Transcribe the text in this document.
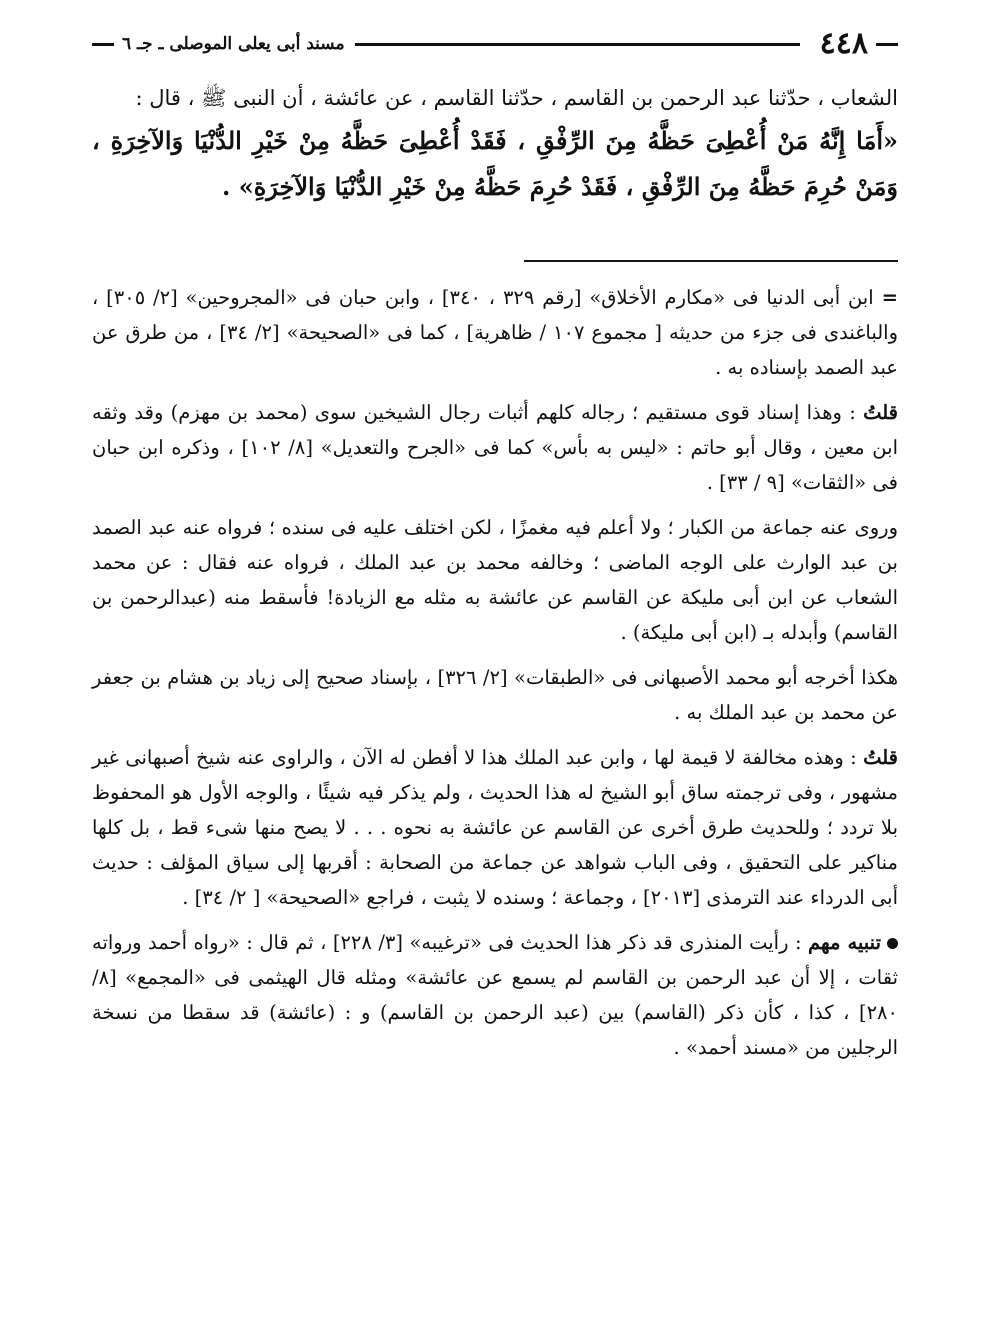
٤٤٨
مسند أبى يعلى الموصلى ـ جـ ٦

الشعاب ، حدّثنا عبد الرحمن بن القاسم ، حدّثنا القاسم ، عن عائشة ، أن النبى ﷺ ، قال :

«أَمَا إِنَّهُ مَنْ أُعْطِىَ حَظَّهُ مِنَ الرِّفْقِ ، فَقَدْ أُعْطِىَ حَظَّهُ مِنْ خَيْرِ الدُّنْيَا وَالآخِرَةِ ، وَمَنْ حُرِمَ حَظَّهُ مِنَ الرِّفْقِ ، فَقَدْ حُرِمَ حَظَّهُ مِنْ خَيْرِ الدُّنْيَا وَالآخِرَةِ» .

=ابن أبى الدنيا فى «مكارم الأخلاق» [رقم ٣٢٩ ، ٣٤٠] ، وابن حبان فى «المجروحين» [٢/ ٣٠٥] ، والباغندى فى جزء من حديثه [ مجموع ١٠٧ / ظاهرية] ، كما فى «الصحيحة» [٢/ ٣٤] ، من طرق عن عبد الصمد بإسناده به .

قلتُ : وهذا إسناد قوى مستقيم ؛ رجاله كلهم أثبات رجال الشيخين سوى (محمد بن مهزم) وقد وثقه ابن معين ، وقال أبو حاتم : «ليس به بأس» كما فى «الجرح والتعديل» [٨/ ١٠٢] ، وذكره ابن حبان فى «الثقات» [٩ / ٣٣] .

وروى عنه جماعة من الكبار ؛ ولا أعلم فيه مغمزًا ، لكن اختلف عليه فى سنده ؛ فرواه عنه عبد الصمد بن عبد الوارث على الوجه الماضى ؛ وخالفه محمد بن عبد الملك ، فرواه عنه فقال : عن محمد الشعاب عن ابن أبى مليكة عن القاسم عن عائشة به مثله مع الزيادة! فأسقط منه (عبدالرحمن بن القاسم) وأبدله بـ (ابن أبى مليكة) .

هكذا أخرجه أبو محمد الأصبهانى فى «الطبقات» [٢/ ٣٢٦] ، بإسناد صحيح إلى زياد بن هشام بن جعفر عن محمد بن عبد الملك به .

قلتُ : وهذه مخالفة لا قيمة لها ، وابن عبد الملك هذا لا أفطن له الآن ، والراوى عنه شيخ أصبهانى غير مشهور ، وفى ترجمته ساق أبو الشيخ له هذا الحديث ، ولم يذكر فيه شيئًا ، والوجه الأول هو المحفوظ بلا تردد ؛ وللحديث طرق أخرى عن القاسم عن عائشة به نحوه . . . لا يصح منها شىء قط ، بل كلها مناكير على التحقيق ، وفى الباب شواهد عن جماعة من الصحابة : أقربها إلى سياق المؤلف : حديث أبى الدرداء عند الترمذى [٢٠١٣] ، وجماعة ؛ وسنده لا يثبت ، فراجع «الصحيحة» [ ٢/ ٣٤] .

تنبيه مهم : رأيت المنذرى قد ذكر هذا الحديث فى «ترغيبه» [٣/ ٢٢٨] ، ثم قال : «رواه أحمد ورواته ثقات ، إلا أن عبد الرحمن بن القاسم لم يسمع عن عائشة» ومثله قال الهيثمى فى «المجمع» [٨/ ٢٨٠] ، كذا ، كأن ذكر (القاسم) بين (عبد الرحمن بن القاسم) و : (عائشة) قد سقطا من نسخة الرجلين من «مسند أحمد» .
